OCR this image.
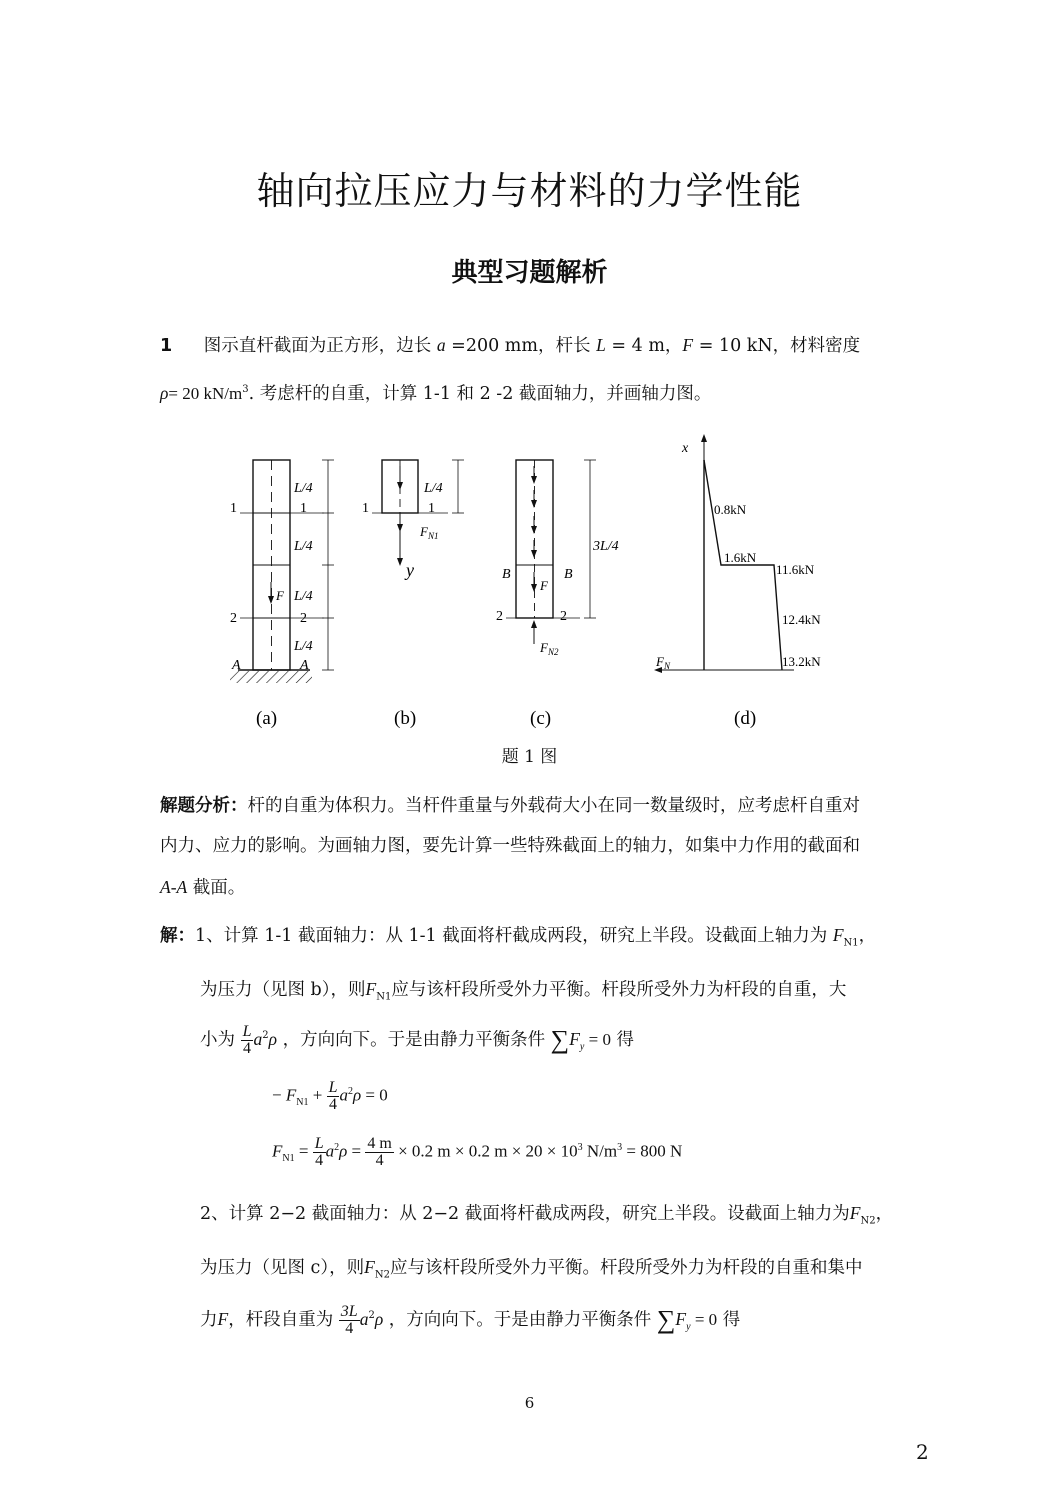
轴向拉压应力与材料的力学性能
典型习题解析
1 图示直杆截面为正方形，边长 a =200 mm，杆长 L = 4 m，F = 10 kN，材料密度
ρ= 20 $kN/m^3$. 考虑杆的自重，计算 1-1 和 2 -2 截面轴力，并画轴力图。
F
L/4
L/4
L/4
L/4
1	1
2	2
A	A
(a)
L/4
1	1
$F_{N1}$
y
(b)
3L/4
B	B
2	2
F
$F_{N2}$
(c)
x
$F_N$
0.8kN
1.6kN
11.6kN
12.4kN
13.2kN
(d)
题 1 图
解题分析：杆的自重为体积力。当杆件重量与外载荷大小在同一数量级时，应考虑杆自重对
内力、应力的影响。为画轴力图，要先计算一些特殊截面上的轴力，如集中力作用的截面和
A-A 截面。
解：1、计算 1-1 截面轴力：从 1-1 截面将杆截成两段，研究上半段。设截面上轴力为 $F_{N1}$，
为压力（见图 b），则$F_{N1}$应与该杆段所受外力平衡。杆段所受外力为杆段的自重，大
小为 $\frac{L}{4} a^2\rho$ ，方向向下。于是由静力平衡条件 $\sum F_y = 0$ 得
− $F_{N1} + \frac{L}{4} a^2\rho = 0$
$F_{N1} = \frac{L}{4} a^2\rho = \frac{4 m}{4} \times 0.2$ m × 0.2 $m \times 20 \times 10^3$ $N/m^3 = 800$ N
2、计算 2−2 截面轴力：从 2−2 截面将杆截成两段，研究上半段。设截面上轴力为$F_{N2}$，
为压力（见图 c），则$F_{N2}$应与该杆段所受外力平衡。杆段所受外力为杆段的自重和集中
力F，杆段自重为 $\frac{3L}{4} a^2\rho$ ，方向向下。于是由静力平衡条件 $\sum F_y = 0$ 得
6
2
